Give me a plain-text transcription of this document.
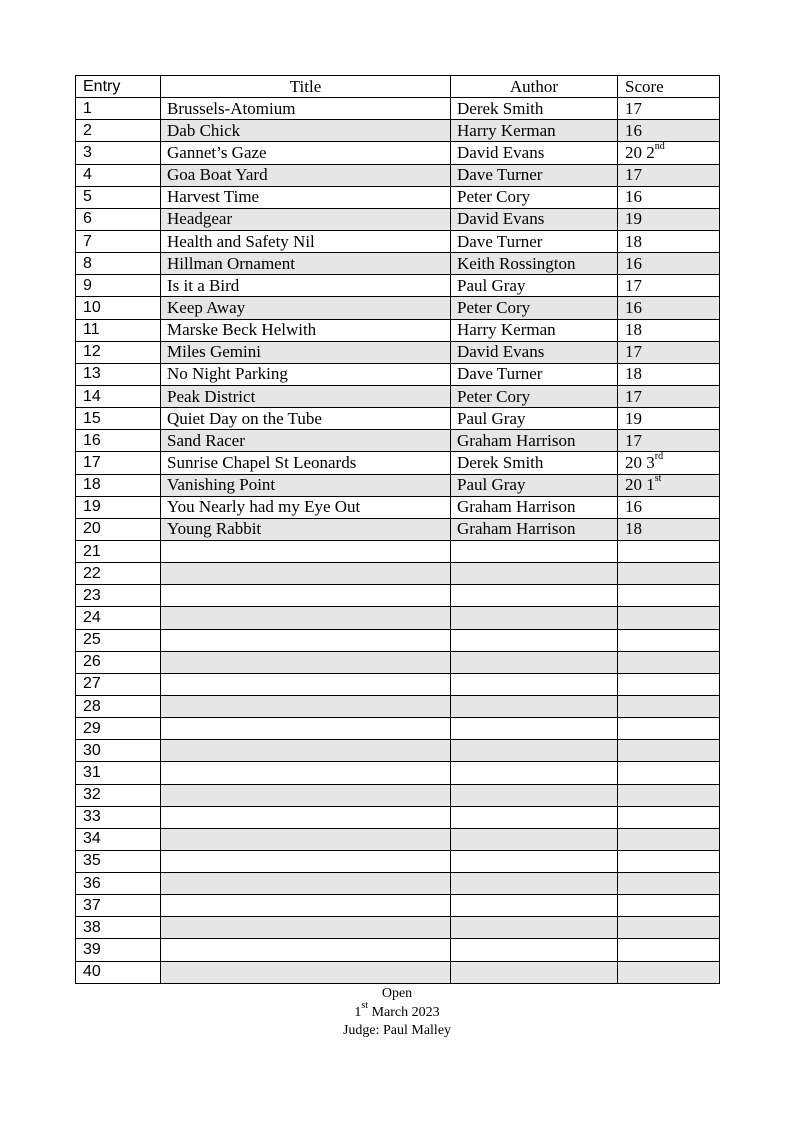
Entry	Title	Author	Score
1	Brussels-Atomium	Derek Smith	17
2	Dab Chick	Harry Kerman	16
3	Gannet’s Gaze	David Evans	20 2nd
4	Goa Boat Yard	Dave Turner	17
5	Harvest Time	Peter Cory	16
6	Headgear	David Evans	19
7	Health and Safety Nil	Dave Turner	18
8	Hillman Ornament	Keith Rossington	16
9	Is it a Bird	Paul Gray	17
10	Keep Away	Peter Cory	16
11	Marske Beck Helwith	Harry Kerman	18
12	Miles Gemini	David Evans	17
13	No Night Parking	Dave Turner	18
14	Peak District	Peter Cory	17
15	Quiet Day on the Tube	Paul Gray	19
16	Sand Racer	Graham Harrison	17
17	Sunrise Chapel St Leonards	Derek Smith	20 3rd
18	Vanishing Point	Paul Gray	20 1st
19	You Nearly had my Eye Out	Graham Harrison	16
20	Young Rabbit	Graham Harrison	18
21			
22			
23			
24			
25			
26			
27			
28			
29			
30			
31			
32			
33			
34			
35			
36			
37			
38			
39			
40			
Open
1st March 2023
Judge: Paul Malley
